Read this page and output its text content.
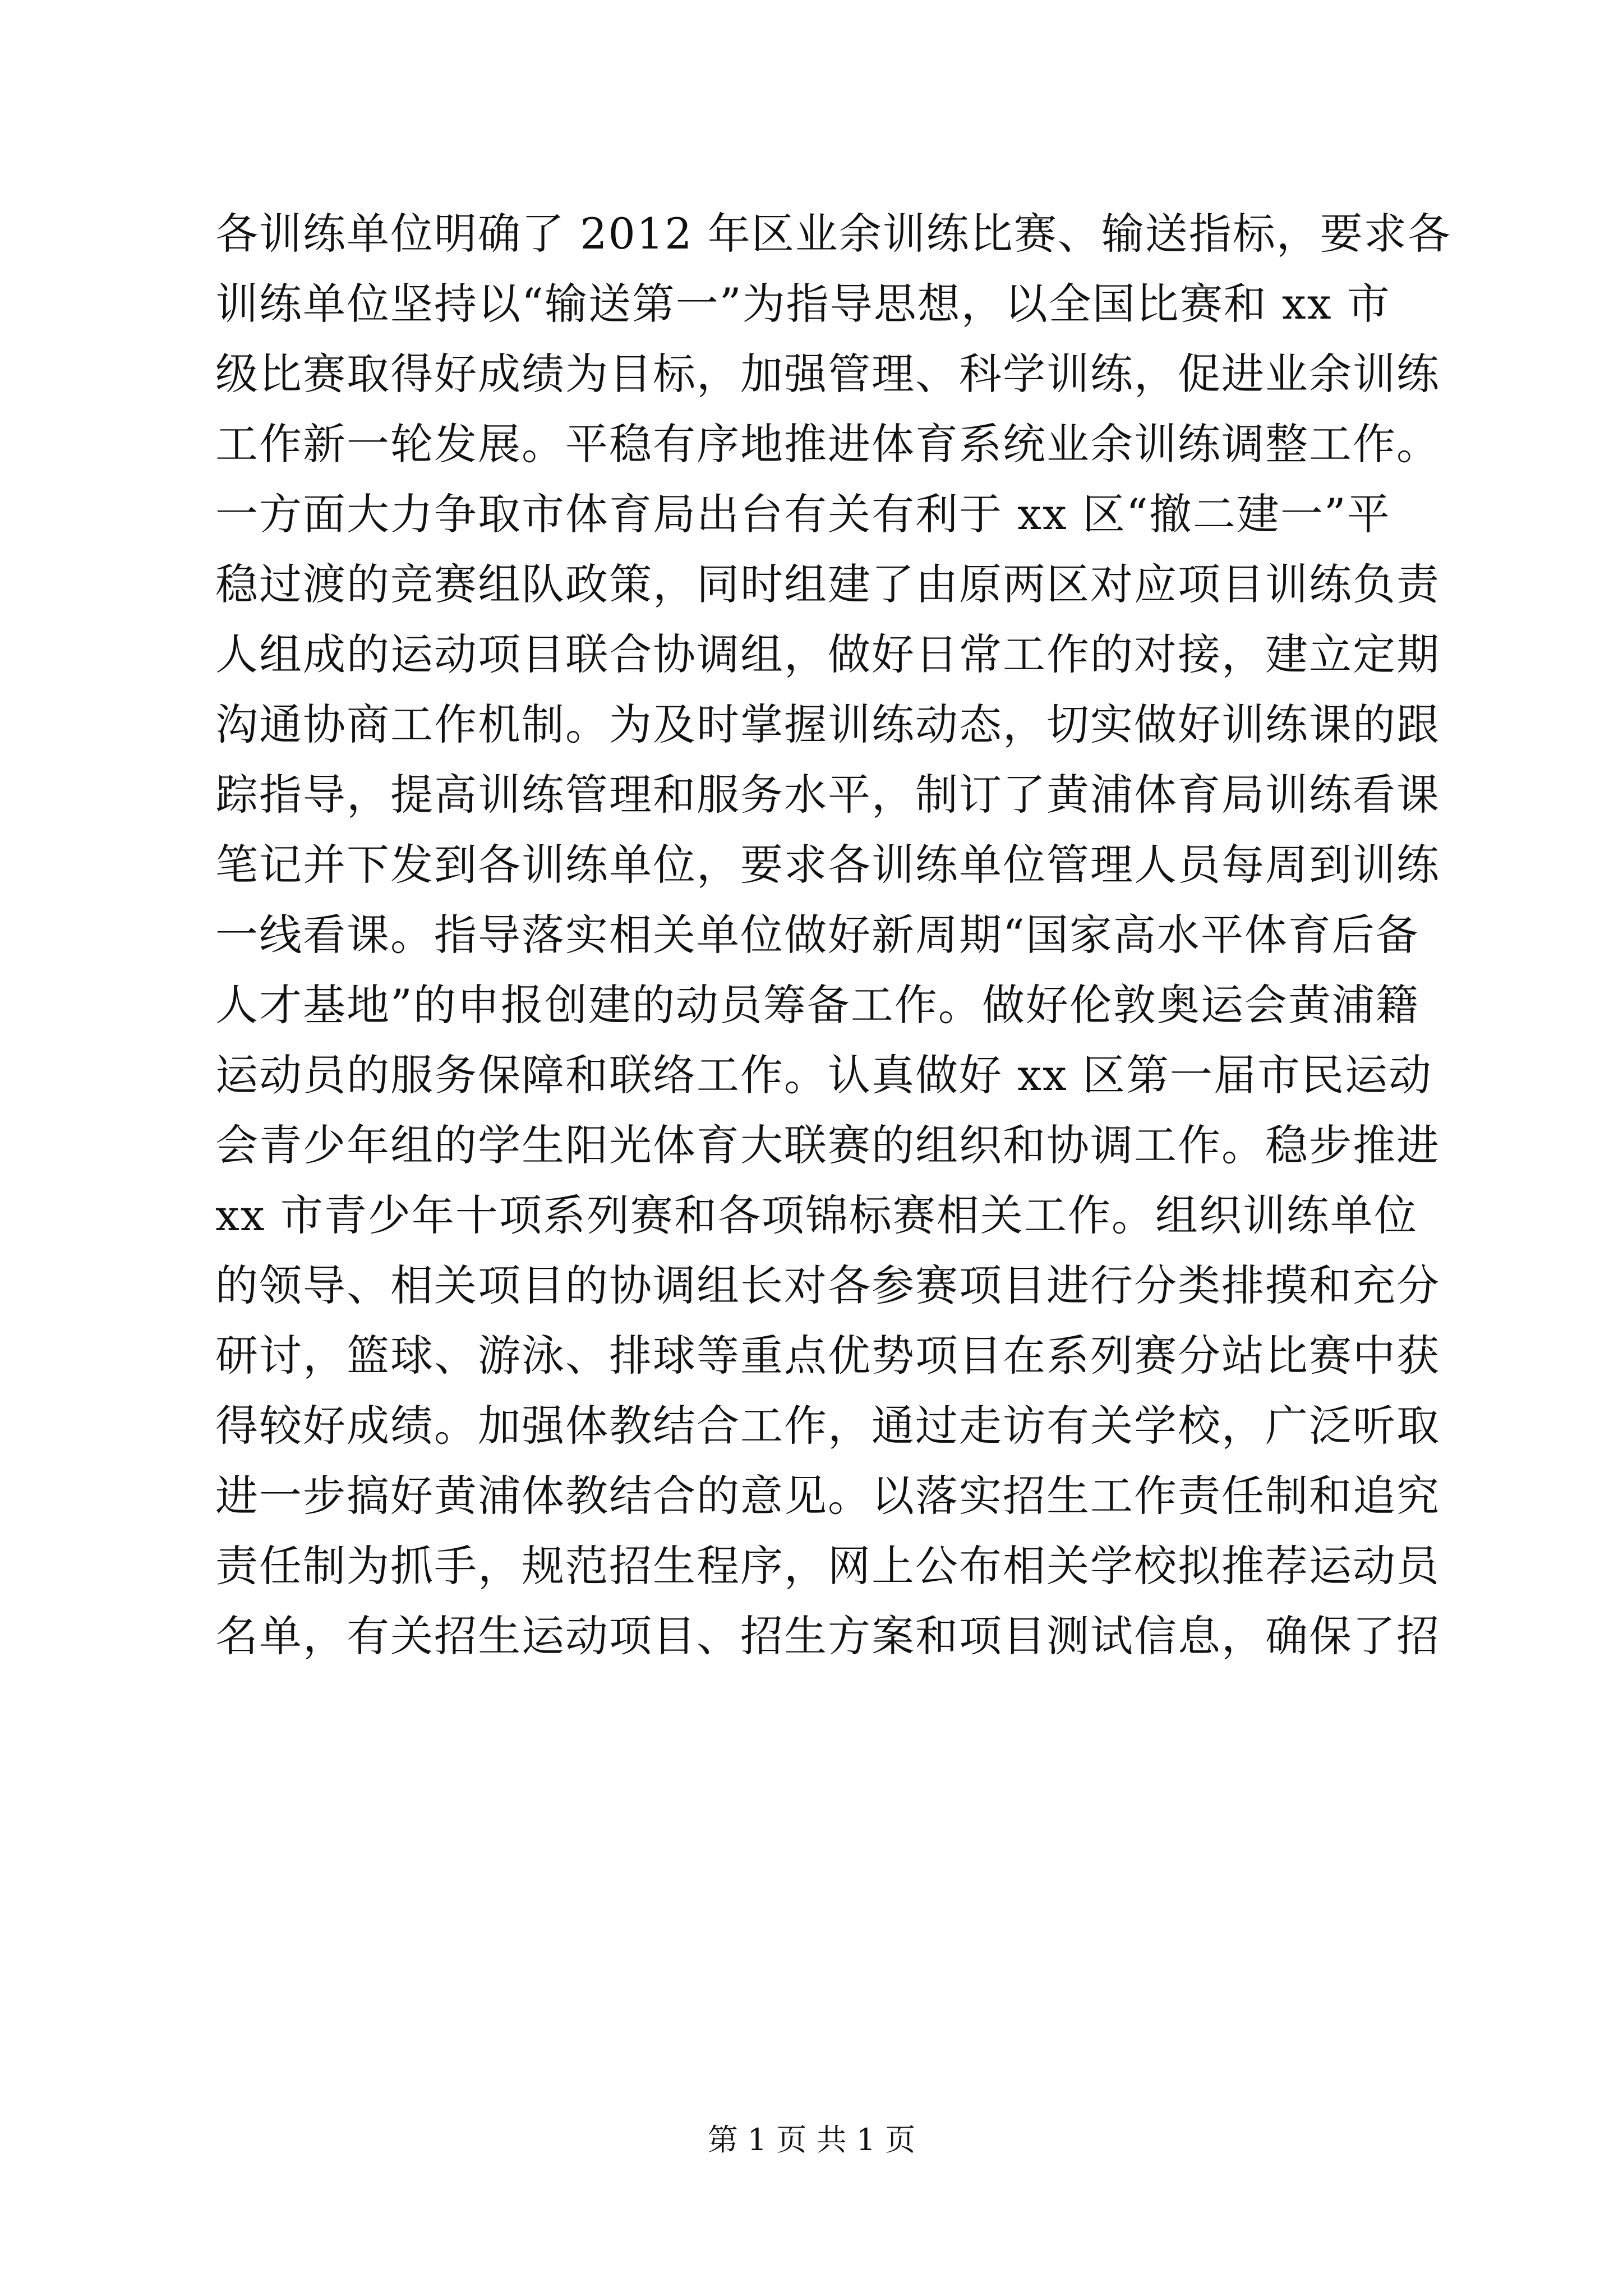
各训练单位明确了 2012 年区业余训练比赛、输送指标，要求各
训练单位坚持以“输送第一”为指导思想，以全国比赛和 xx 市
级比赛取得好成绩为目标，加强管理、科学训练，促进业余训练
工作新一轮发展。平稳有序地推进体育系统业余训练调整工作。
一方面大力争取市体育局出台有关有利于 xx 区“撤二建一”平
稳过渡的竞赛组队政策，同时组建了由原两区对应项目训练负责
人组成的运动项目联合协调组，做好日常工作的对接，建立定期
沟通协商工作机制。为及时掌握训练动态，切实做好训练课的跟
踪指导，提高训练管理和服务水平，制订了黄浦体育局训练看课
笔记并下发到各训练单位，要求各训练单位管理人员每周到训练
一线看课。指导落实相关单位做好新周期“国家高水平体育后备
人才基地”的申报创建的动员筹备工作。做好伦敦奥运会黄浦籍
运动员的服务保障和联络工作。认真做好 xx 区第一届市民运动
会青少年组的学生阳光体育大联赛的组织和协调工作。稳步推进
xx 市青少年十项系列赛和各项锦标赛相关工作。组织训练单位
的领导、相关项目的协调组长对各参赛项目进行分类排摸和充分
研讨，篮球、游泳、排球等重点优势项目在系列赛分站比赛中获
得较好成绩。加强体教结合工作，通过走访有关学校，广泛听取
进一步搞好黄浦体教结合的意见。以落实招生工作责任制和追究
责任制为抓手，规范招生程序，网上公布相关学校拟推荐运动员
名单，有关招生运动项目、招生方案和项目测试信息，确保了招
第 1 页 共 1 页
